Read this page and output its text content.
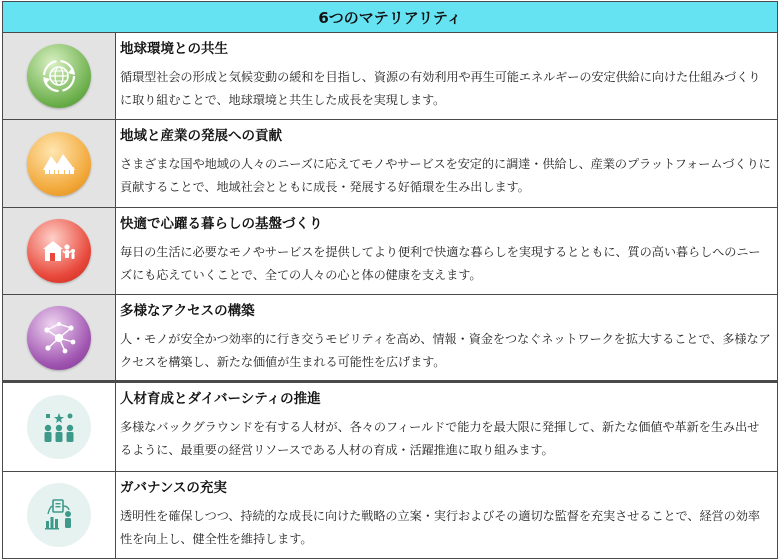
6つのマテリアリティ
地球環境との共生
循環型社会の形成と気候変動の緩和を目指し、資源の有効利用や再生可能エネルギーの安定供給に向けた仕組みづくりに取り組むことで、地球環境と共生した成長を実現します。
地域と産業の発展への貢献
さまざまな国や地域の人々のニーズに応えてモノやサービスを安定的に調達・供給し、産業のプラットフォームづくりに貢献することで、地域社会とともに成長・発展する好循環を生み出します。
快適で心躍る暮らしの基盤づくり
毎日の生活に必要なモノやサービスを提供してより便利で快適な暮らしを実現するとともに、質の高い暮らしへのニーズにも応えていくことで、全ての人々の心と体の健康を支えます。
多様なアクセスの構築
人・モノが安全かつ効率的に行き交うモビリティを高め、情報・資金をつなぐネットワークを拡大することで、多様なアクセスを構築し、新たな価値が生まれる可能性を広げます。
人材育成とダイバーシティの推進
多様なバックグラウンドを有する人材が、各々のフィールドで能力を最大限に発揮して、新たな価値や革新を生み出せるように、最重要の経営リソースである人材の育成・活躍推進に取り組みます。
ガバナンスの充実
透明性を確保しつつ、持続的な成長に向けた戦略の立案・実行およびその適切な監督を充実させることで、経営の効率性を向上し、健全性を維持します。
